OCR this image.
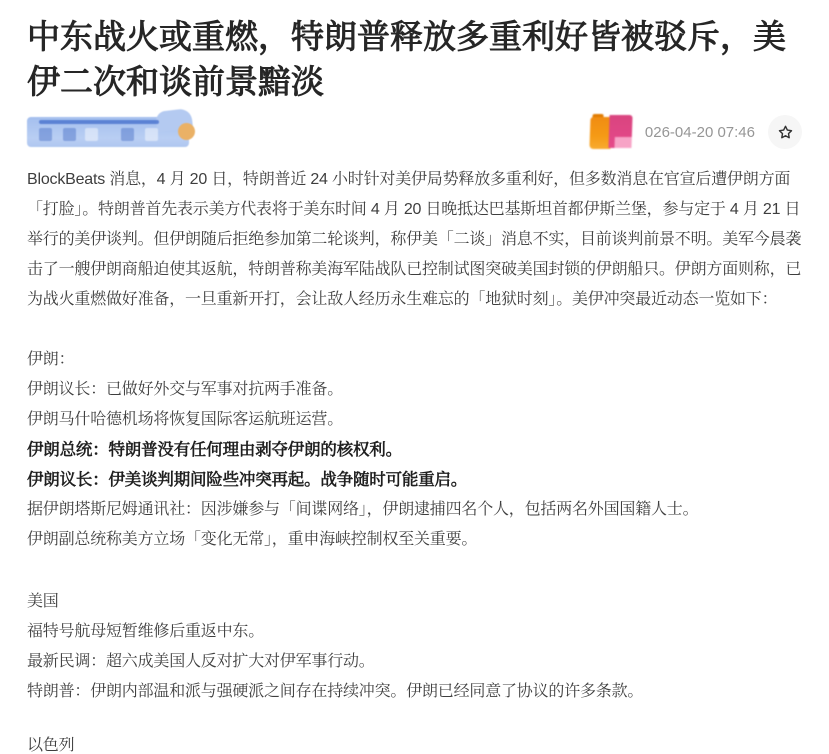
中东战火或重燃，特朗普释放多重利好皆被驳斥，美伊二次和谈前景黯淡
026-04-20 07:46

BlockBeats 消息，4 月 20 日，特朗普近 24 小时针对美伊局势释放多重利好，但多数消息在官宣后遭伊朗方面「打脸」。特朗普首先表示美方代表将于美东时间 4 月 20 日晚抵达巴基斯坦首都伊斯兰堡，参与定于 4 月 21 日举行的美伊谈判。但伊朗随后拒绝参加第二轮谈判，称伊美「二谈」消息不实，目前谈判前景不明。美军今晨袭击了一艘伊朗商船迫使其返航，特朗普称美海军陆战队已控制试图突破美国封锁的伊朗船只。伊朗方面则称，已为战火重燃做好准备，一旦重新开打，会让敌人经历永生难忘的「地狱时刻」。美伊冲突最近动态一览如下：

伊朗：

伊朗议长：已做好外交与军事对抗两手准备。

伊朗马什哈德机场将恢复国际客运航班运营。

伊朗总统：特朗普没有任何理由剥夺伊朗的核权利。

伊朗议长：伊美谈判期间险些冲突再起。战争随时可能重启。

据伊朗塔斯尼姆通讯社：因涉嫌参与「间谍网络」，伊朗逮捕四名个人，包括两名外国国籍人士。

伊朗副总统称美方立场「变化无常」，重申海峡控制权至关重要。

美国

福特号航母短暂维修后重返中东。

最新民调：超六成美国人反对扩大对伊军事行动。

特朗普：伊朗内部温和派与强硬派之间存在持续冲突。伊朗已经同意了协议的许多条款。

以色列
